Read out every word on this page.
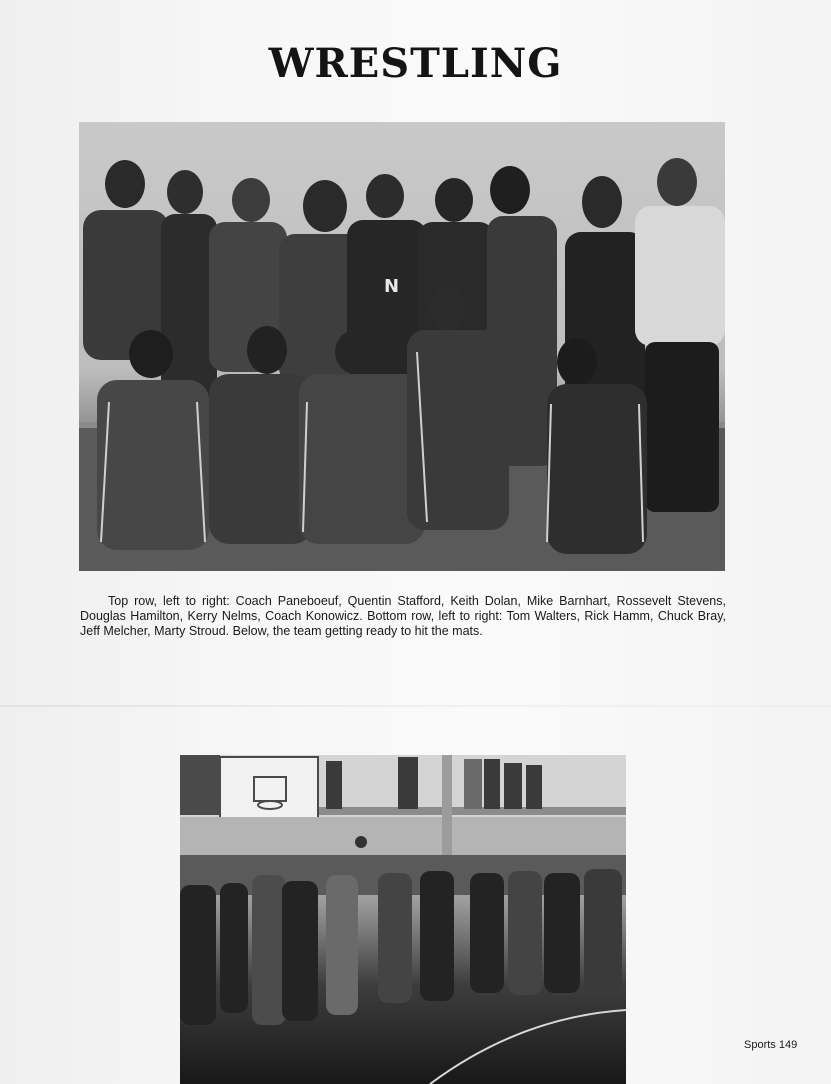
WRESTLING
N

Top row, left to right: Coach Paneboeuf, Quentin Stafford, Keith Dolan, Mike Barnhart, Rossevelt Stevens, Douglas Hamilton, Kerry Nelms, Coach Konowicz. Bottom row, left to right: Tom Walters, Rick Hamm, Chuck Bray, Jeff Melcher, Marty Stroud. Below, the team getting ready to hit the mats.

Sports 149
